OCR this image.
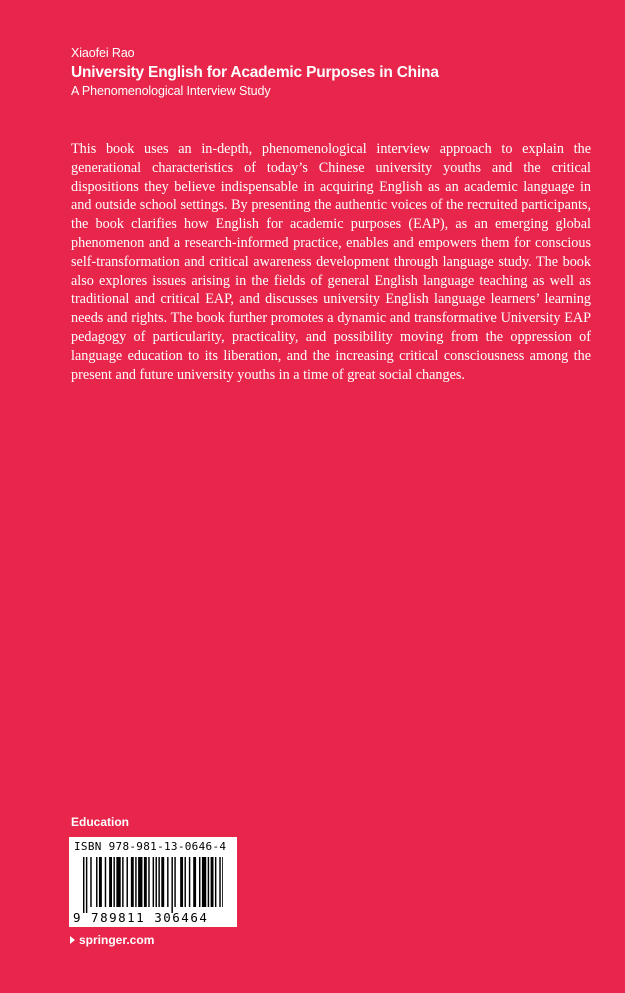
Xiaofei Rao
University English for Academic Purposes in China
A Phenomenological Interview Study

This book uses an in-depth, phenomenological interview approach to explain the generational characteristics of today’s Chinese university youths and the critical dispositions they believe indispensable in acquiring English as an academic language in and outside school settings. By presenting the authentic voices of the recruited participants, the book clarifies how English for academic purposes (EAP), as an emerging global phenomenon and a research-informed practice, enables and empowers them for conscious self-transformation and critical awareness development through language study. The book also explores issues arising in the fields of general English language teaching as well as traditional and critical EAP, and discusses university English language learners’ learning needs and rights. The book further promotes a dynamic and transformative University EAP pedagogy of particularity, practicality, and possibility moving from the oppression of language education to its liberation, and the increasing critical consciousness among the present and future university youths in a time of great social changes.

Education
ISBN 978-981-13-0646-4
9 789811 306464
springer.com
